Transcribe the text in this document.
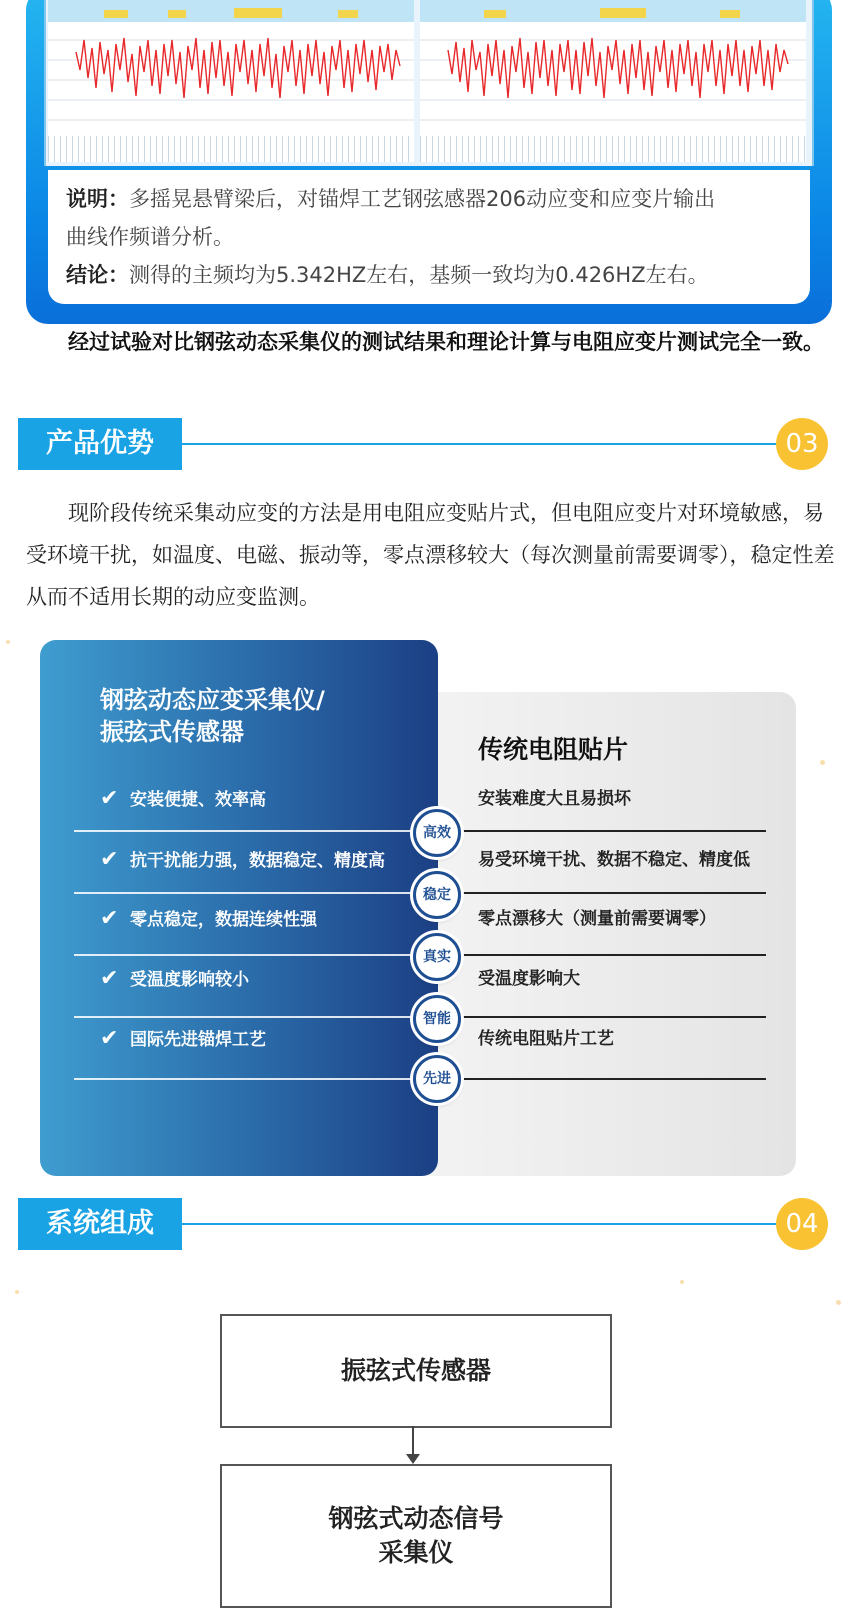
说明：多摇晃悬臂梁后，对锚焊工艺钢弦感器206动应变和应变片输出

曲线作频谱分析。

结论：测得的主频均为5.342HZ左右，基频一致均为0.426HZ左右。

经过试验对比钢弦动态采集仪的测试结果和理论计算与电阻应变片测试完全一致。
产品优势	03
现阶段传统采集动应变的方法是用电阻应变贴片式，但电阻应变片对环境敏感，易受环境干扰，如温度、电磁、振动等，零点漂移较大（每次测量前需要调零），稳定性差从而不适用长期的动应变监测。
钢弦动态应变采集仪/
振弦式传感器
传统电阻贴片
✔ 安装便捷、效率高	安装难度大且易损坏
✔ 抗干扰能力强，数据稳定、精度高	易受环境干扰、数据不稳定、精度低
✔ 零点稳定，数据连续性强	零点漂移大（测量前需要调零）
✔ 受温度影响较小	受温度影响大
✔ 国际先进锚焊工艺	传统电阻贴片工艺
高效
稳定
真实
智能
先进
系统组成	04
振弦式传感器
钢弦式动态信号
采集仪
